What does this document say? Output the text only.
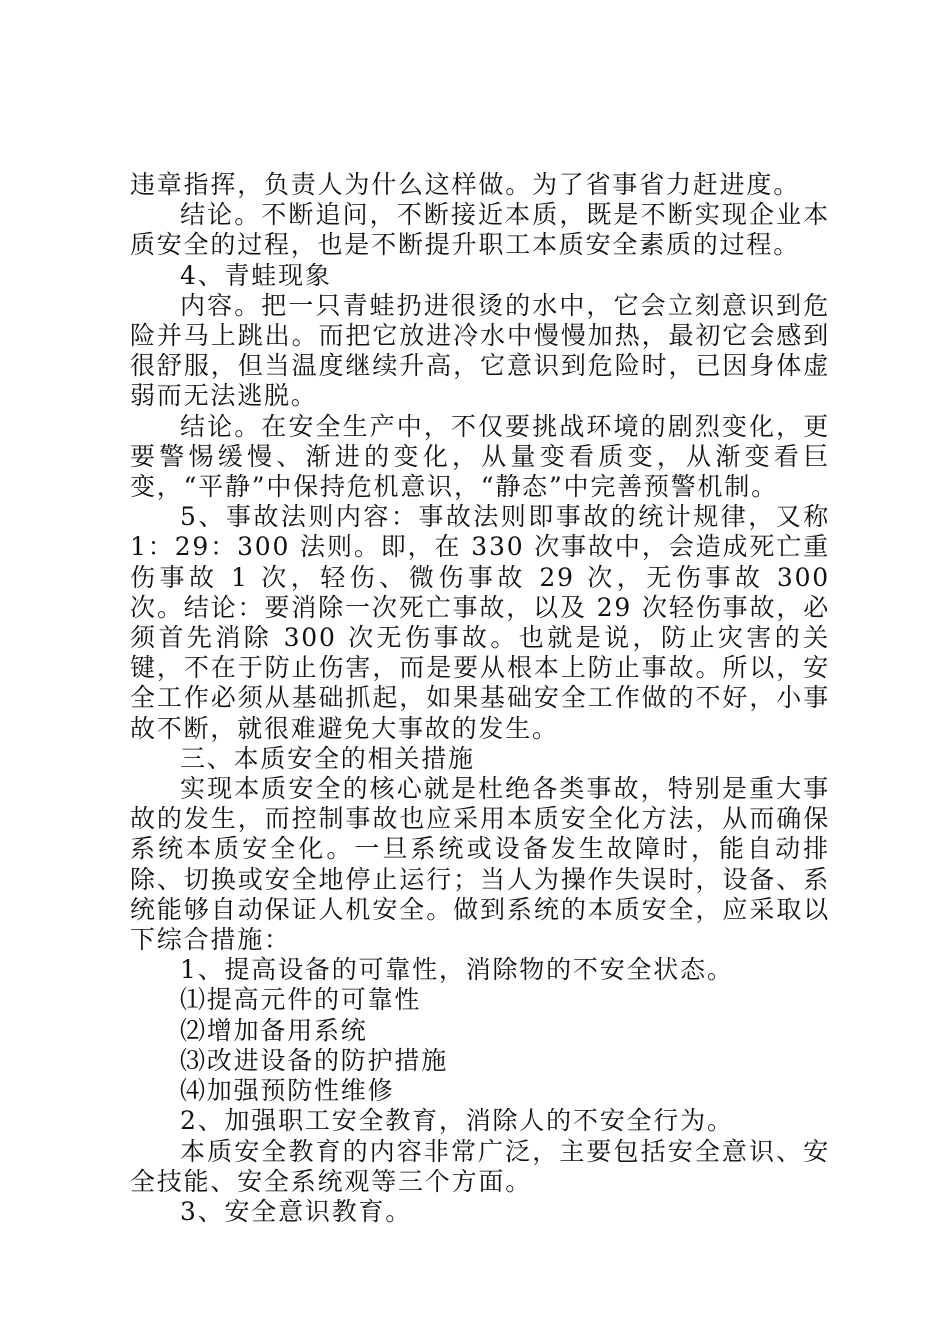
违章指挥，负责人为什么这样做。为了省事省力赶进度。

结论。不断追问，不断接近本质，既是不断实现企业本质安全的过程，也是不断提升职工本质安全素质的过程。

4、青蛙现象

内容。把一只青蛙扔进很烫的水中，它会立刻意识到危险并马上跳出。而把它放进冷水中慢慢加热，最初它会感到很舒服，但当温度继续升高，它意识到危险时，已因身体虚弱而无法逃脱。

结论。在安全生产中，不仅要挑战环境的剧烈变化，更要警惕缓慢、渐进的变化，从量变看质变，从渐变看巨变，“平静”中保持危机意识，“静态”中完善预警机制。

5、事故法则内容：事故法则即事故的统计规律，又称 1：29：300 法则。即，在 330 次事故中，会造成死亡重伤事故 1 次，轻伤、微伤事故 29 次，无伤事故 300 次。结论：要消除一次死亡事故，以及 29 次轻伤事故，必须首先消除 300 次无伤事故。也就是说，防止灾害的关键，不在于防止伤害，而是要从根本上防止事故。所以，安全工作必须从基础抓起，如果基础安全工作做的不好，小事故不断，就很难避免大事故的发生。

三、本质安全的相关措施

实现本质安全的核心就是杜绝各类事故，特别是重大事故的发生，而控制事故也应采用本质安全化方法，从而确保系统本质安全化。一旦系统或设备发生故障时，能自动排除、切换或安全地停止运行；当人为操作失误时，设备、系统能够自动保证人机安全。做到系统的本质安全，应采取以下综合措施：

1、提高设备的可靠性，消除物的不安全状态。

⑴提高元件的可靠性

⑵增加备用系统

⑶改进设备的防护措施

⑷加强预防性维修

2、加强职工安全教育，消除人的不安全行为。

本质安全教育的内容非常广泛，主要包括安全意识、安全技能、安全系统观等三个方面。

3、安全意识教育。
